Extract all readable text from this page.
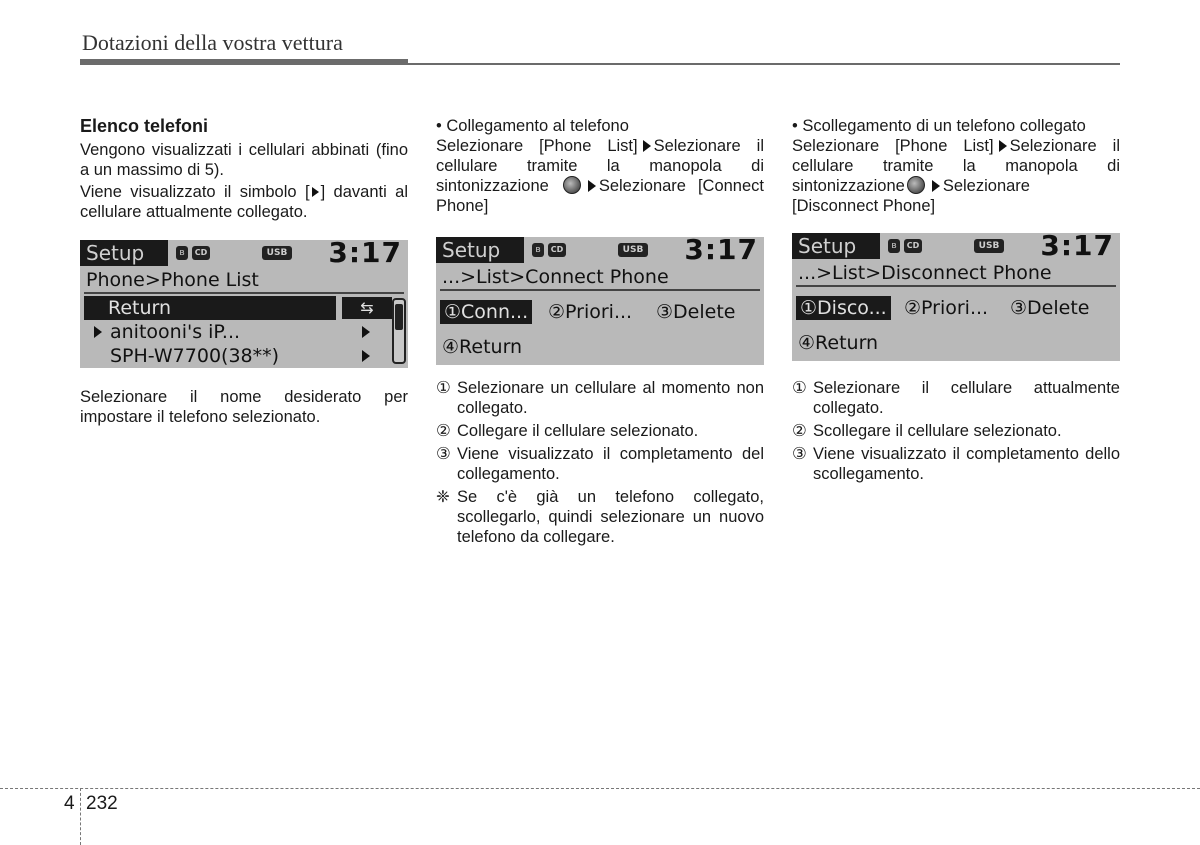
Dotazioni della vostra vettura
Elenco telefoni
Vengono visualizzati i cellulari abbinati (fino a un massimo di 5).
Viene visualizzato il simbolo [ ] davanti al cellulare attualmente collegato.
Setup	ʙ	CD	USB 3:17
Phone>Phone List
Return	⇆
anitooni's iP...
SPH-W7700(38**)
Selezionare il nome desiderato per impostare il telefono selezionato.
• Collegamento al telefono
Selezionare [Phone List] Selezionare il
cellulare tramite la manopola di
sintonizzazione	Selezionare [Connect
Phone]
Setup	ʙ	CD	USB 3:17
...>List>Connect Phone
①Conn... ②Priori... ③Delete
④Return
① Selezionare un cellulare al momento non collegato.
② Collegare il cellulare selezionato.
③ Viene visualizzato il completamento del collegamento.
❈ Se c'è già un telefono collegato, scollegarlo, quindi selezionare un nuovo telefono da collegare.
• Scollegamento di un telefono collegato
Selezionare [Phone List] Selezionare il
cellulare tramite la manopola di
sintonizzazione Selezionare
[Disconnect Phone]
Setup	ʙ	CD	USB 3:17
...>List>Disconnect Phone
①Disco... ②Priori... ③Delete
④Return
① Selezionare il cellulare attualmente collegato.
② Scollegare il cellulare selezionato.
③ Viene visualizzato il completamento dello scollegamento.
4 232
